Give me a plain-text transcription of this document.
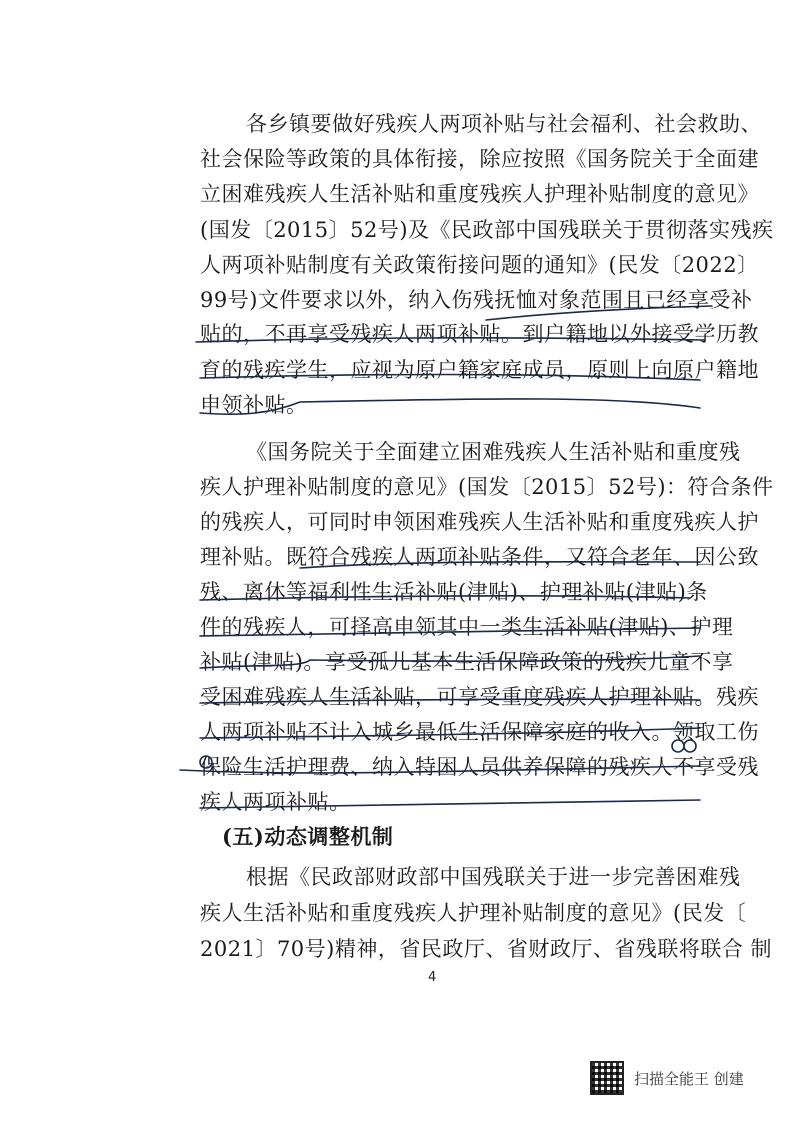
各乡镇要做好残疾人两项补贴与社会福利、社会救助、
社会保险等政策的具体衔接，除应按照《国务院关于全面建
立困难残疾人生活补贴和重度残疾人护理补贴制度的意见》
(国发〔2015〕52号)及《民政部中国残联关于贯彻落实残疾
人两项补贴制度有关政策衔接问题的通知》(民发〔2022〕
99号)文件要求以外，纳入伤残抚恤对象范围且已经享受补
贴的，不再享受残疾人两项补贴。到户籍地以外接受学历教
育的残疾学生，应视为原户籍家庭成员，原则上向原户籍地
申领补贴。
《国务院关于全面建立困难残疾人生活补贴和重度残
疾人护理补贴制度的意见》(国发〔2015〕52号)：符合条件
的残疾人，可同时申领困难残疾人生活补贴和重度残疾人护
理补贴。既符合残疾人两项补贴条件，又符合老年、因公致
残、离休等福利性生活补贴(津贴)、护理补贴(津贴)条
件的残疾人，可择高申领其中一类生活补贴(津贴)、护理
补贴(津贴)。享受孤儿基本生活保障政策的残疾儿童不享
受困难残疾人生活补贴，可享受重度残疾人护理补贴。残疾
人两项补贴不计入城乡最低生活保障家庭的收入。领取工伤
保险生活护理费、纳入特困人员供养保障的残疾人不享受残
疾人两项补贴。
(五)动态调整机制
根据《民政部财政部中国残联关于进一步完善困难残
疾人生活补贴和重度残疾人护理补贴制度的意见》(民发〔
2021〕70号)精神，省民政厅、省财政厅、省残联将联合 制
4
扫描全能王 创建
